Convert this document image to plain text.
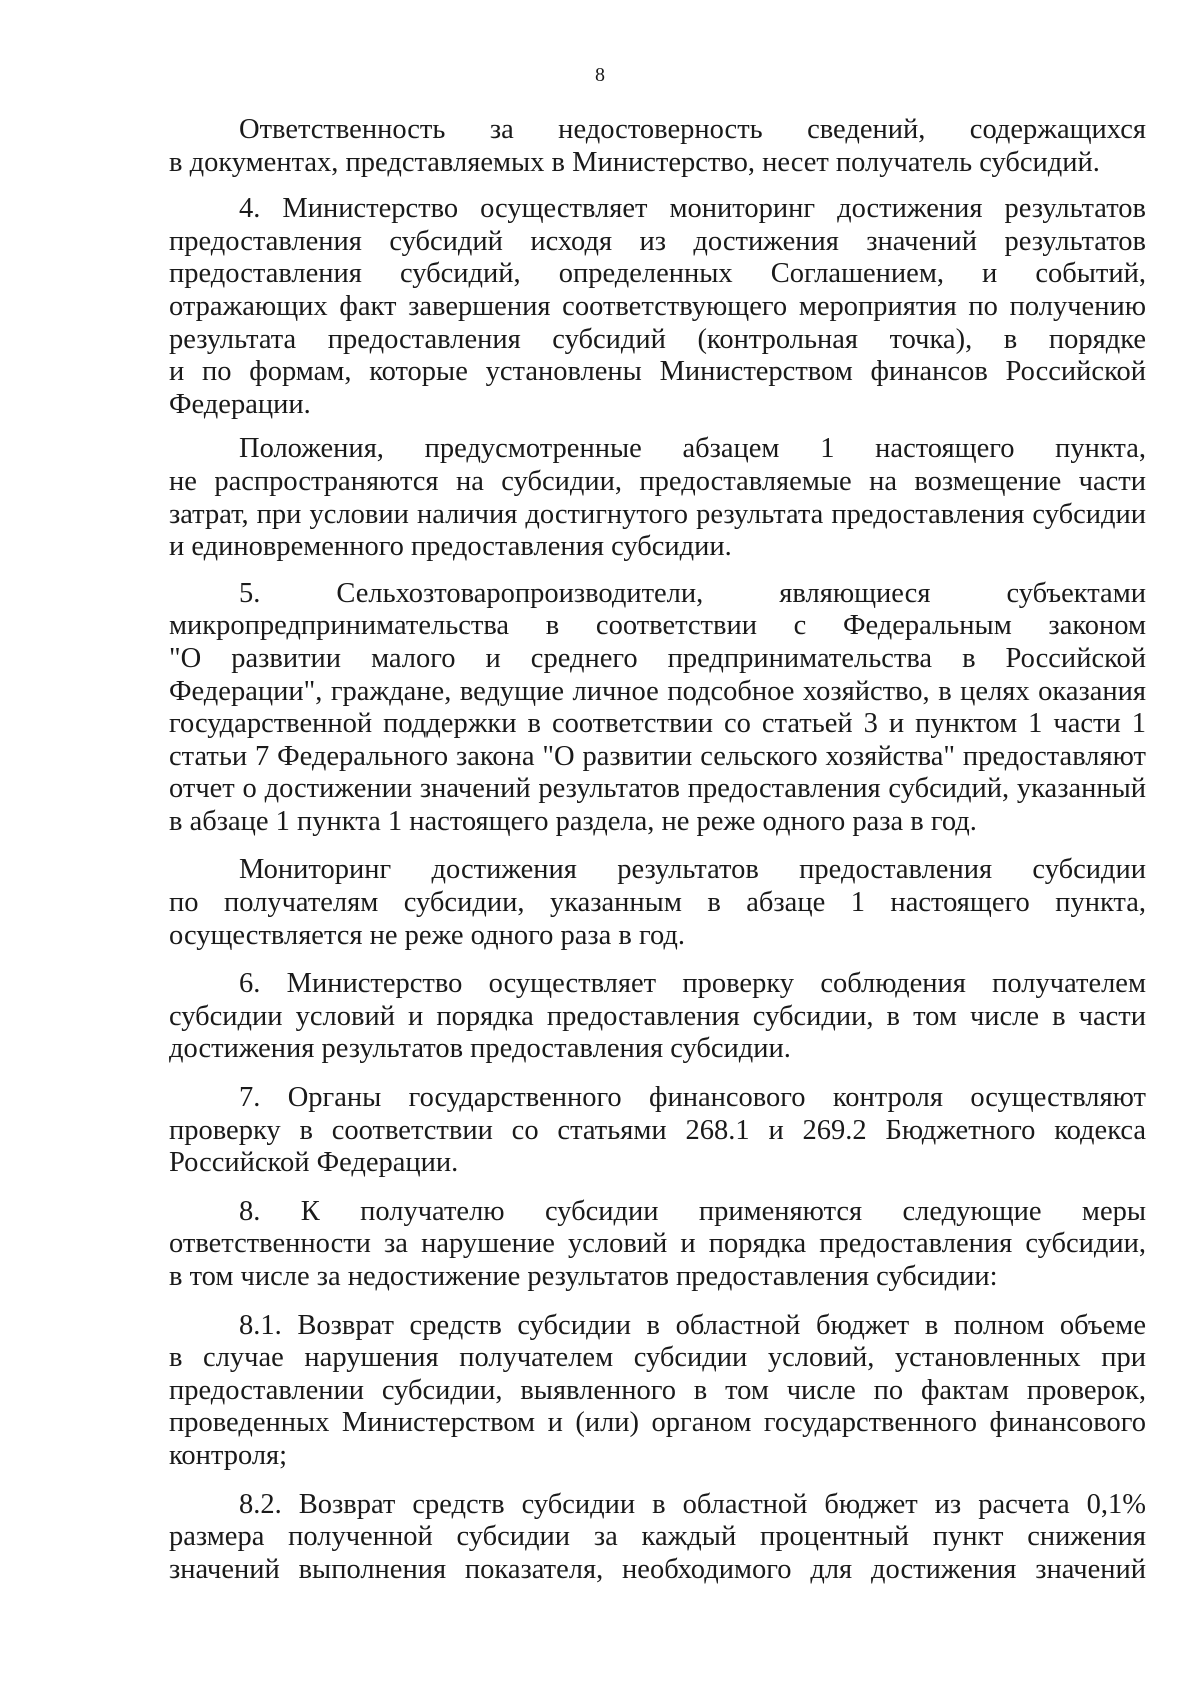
8
Ответственность за недостоверность сведений, содержащихся
в документах, представляемых в Министерство, несет получатель субсидий.
4. Министерство осуществляет мониторинг достижения результатов
предоставления субсидий исходя из достижения значений результатов
предоставления субсидий, определенных Соглашением, и событий,
отражающих факт завершения соответствующего мероприятия по получению
результата предоставления субсидий (контрольная точка), в порядке
и по формам, которые установлены Министерством финансов Российской
Федерации.
Положения, предусмотренные абзацем 1 настоящего пункта,
не распространяются на субсидии, предоставляемые на возмещение части
затрат, при условии наличия достигнутого результата предоставления субсидии
и единовременного предоставления субсидии.
5. Сельхозтоваропроизводители, являющиеся субъектами
микропредпринимательства в соответствии с Федеральным законом
"О развитии малого и среднего предпринимательства в Российской
Федерации", граждане, ведущие личное подсобное хозяйство, в целях оказания
государственной поддержки в соответствии со статьей 3 и пунктом 1 части 1
статьи 7 Федерального закона "О развитии сельского хозяйства" предоставляют
отчет о достижении значений результатов предоставления субсидий, указанный
в абзаце 1 пункта 1 настоящего раздела, не реже одного раза в год.
Мониторинг достижения результатов предоставления субсидии
по получателям субсидии, указанным в абзаце 1 настоящего пункта,
осуществляется не реже одного раза в год.
6. Министерство осуществляет проверку соблюдения получателем
субсидии условий и порядка предоставления субсидии, в том числе в части
достижения результатов предоставления субсидии.
7. Органы государственного финансового контроля осуществляют
проверку в соответствии со статьями 268.1 и 269.2 Бюджетного кодекса
Российской Федерации.
8. К получателю субсидии применяются следующие меры
ответственности за нарушение условий и порядка предоставления субсидии,
в том числе за недостижение результатов предоставления субсидии:
8.1. Возврат средств субсидии в областной бюджет в полном объеме
в случае нарушения получателем субсидии условий, установленных при
предоставлении субсидии, выявленного в том числе по фактам проверок,
проведенных Министерством и (или) органом государственного финансового
контроля;
8.2. Возврат средств субсидии в областной бюджет из расчета 0,1%
размера полученной субсидии за каждый процентный пункт снижения
значений выполнения показателя, необходимого для достижения значений
